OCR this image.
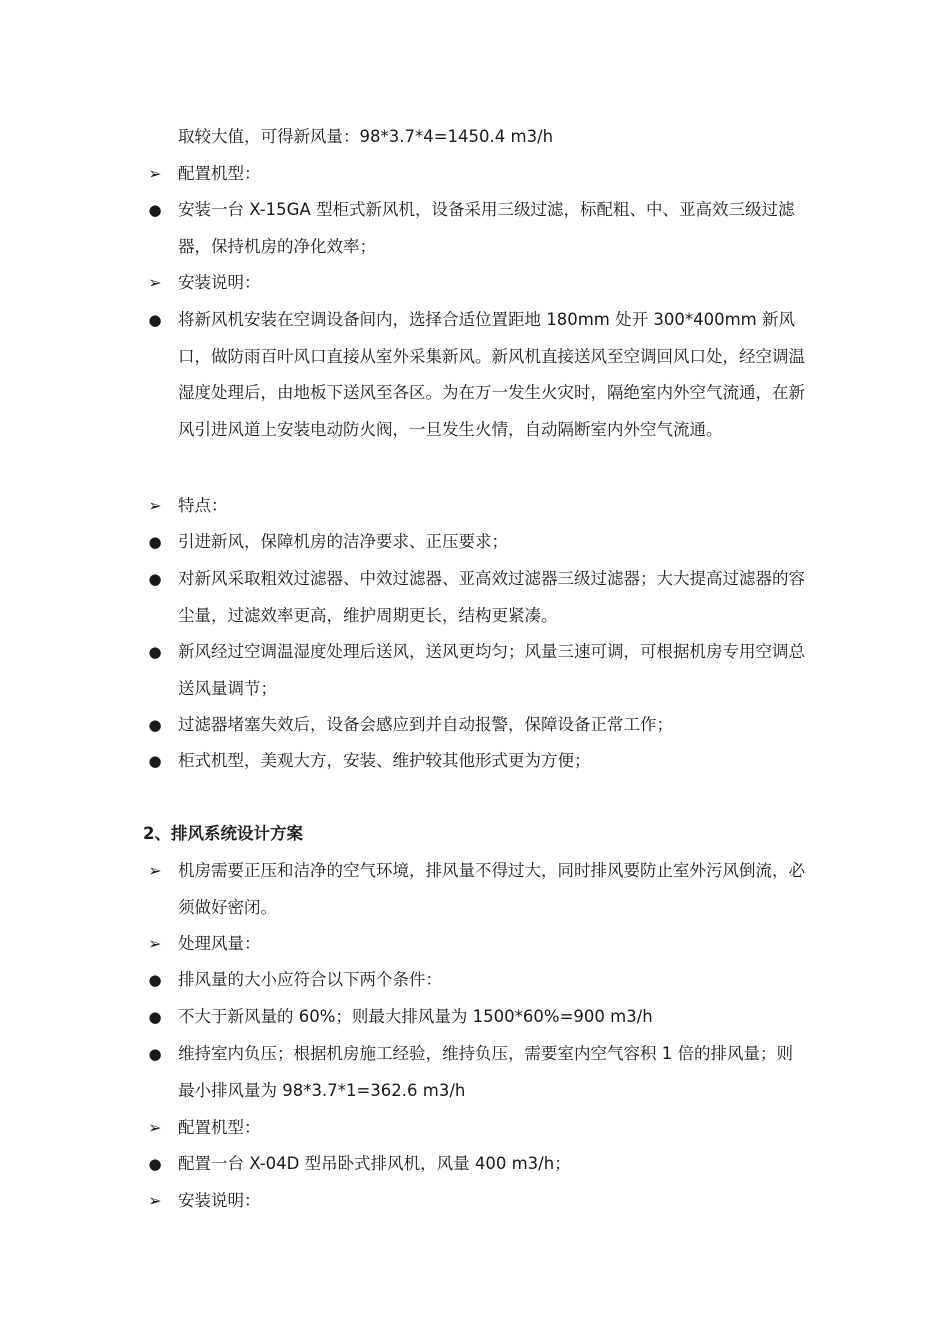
取较大值，可得新风量：98*3.7*4=1450.4 m3/h
➢ 配置机型：
● 安装一台 X-15GA 型柜式新风机，设备采用三级过滤，标配粗、中、亚高效三级过滤器，保持机房的净化效率；
➢ 安装说明：
● 将新风机安装在空调设备间内，选择合适位置距地 180mm 处开 300*400mm 新风口，做防雨百叶风口直接从室外采集新风。新风机直接送风至空调回风口处，经空调温湿度处理后，由地板下送风至各区。为在万一发生火灾时，隔绝室内外空气流通，在新风引进风道上安装电动防火阀，一旦发生火情，自动隔断室内外空气流通。
➢ 特点：
● 引进新风，保障机房的洁净要求、正压要求；
● 对新风采取粗效过滤器、中效过滤器、亚高效过滤器三级过滤器；大大提高过滤器的容尘量，过滤效率更高，维护周期更长，结构更紧凑。
● 新风经过空调温湿度处理后送风，送风更均匀；风量三速可调，可根据机房专用空调总送风量调节；
● 过滤器堵塞失效后，设备会感应到并自动报警，保障设备正常工作；
● 柜式机型，美观大方，安装、维护较其他形式更为方便；
2、排风系统设计方案
➢ 机房需要正压和洁净的空气环境，排风量不得过大，同时排风要防止室外污风倒流，必须做好密闭。
➢ 处理风量：
● 排风量的大小应符合以下两个条件：
● 不大于新风量的 60%；则最大排风量为 1500*60%=900 m3/h
● 维持室内负压；根据机房施工经验，维持负压，需要室内空气容积 1 倍的排风量；则最小排风量为 98*3.7*1=362.6 m3/h
➢ 配置机型：
● 配置一台 X-04D 型吊卧式排风机，风量 400 m3/h；
➢ 安装说明：
